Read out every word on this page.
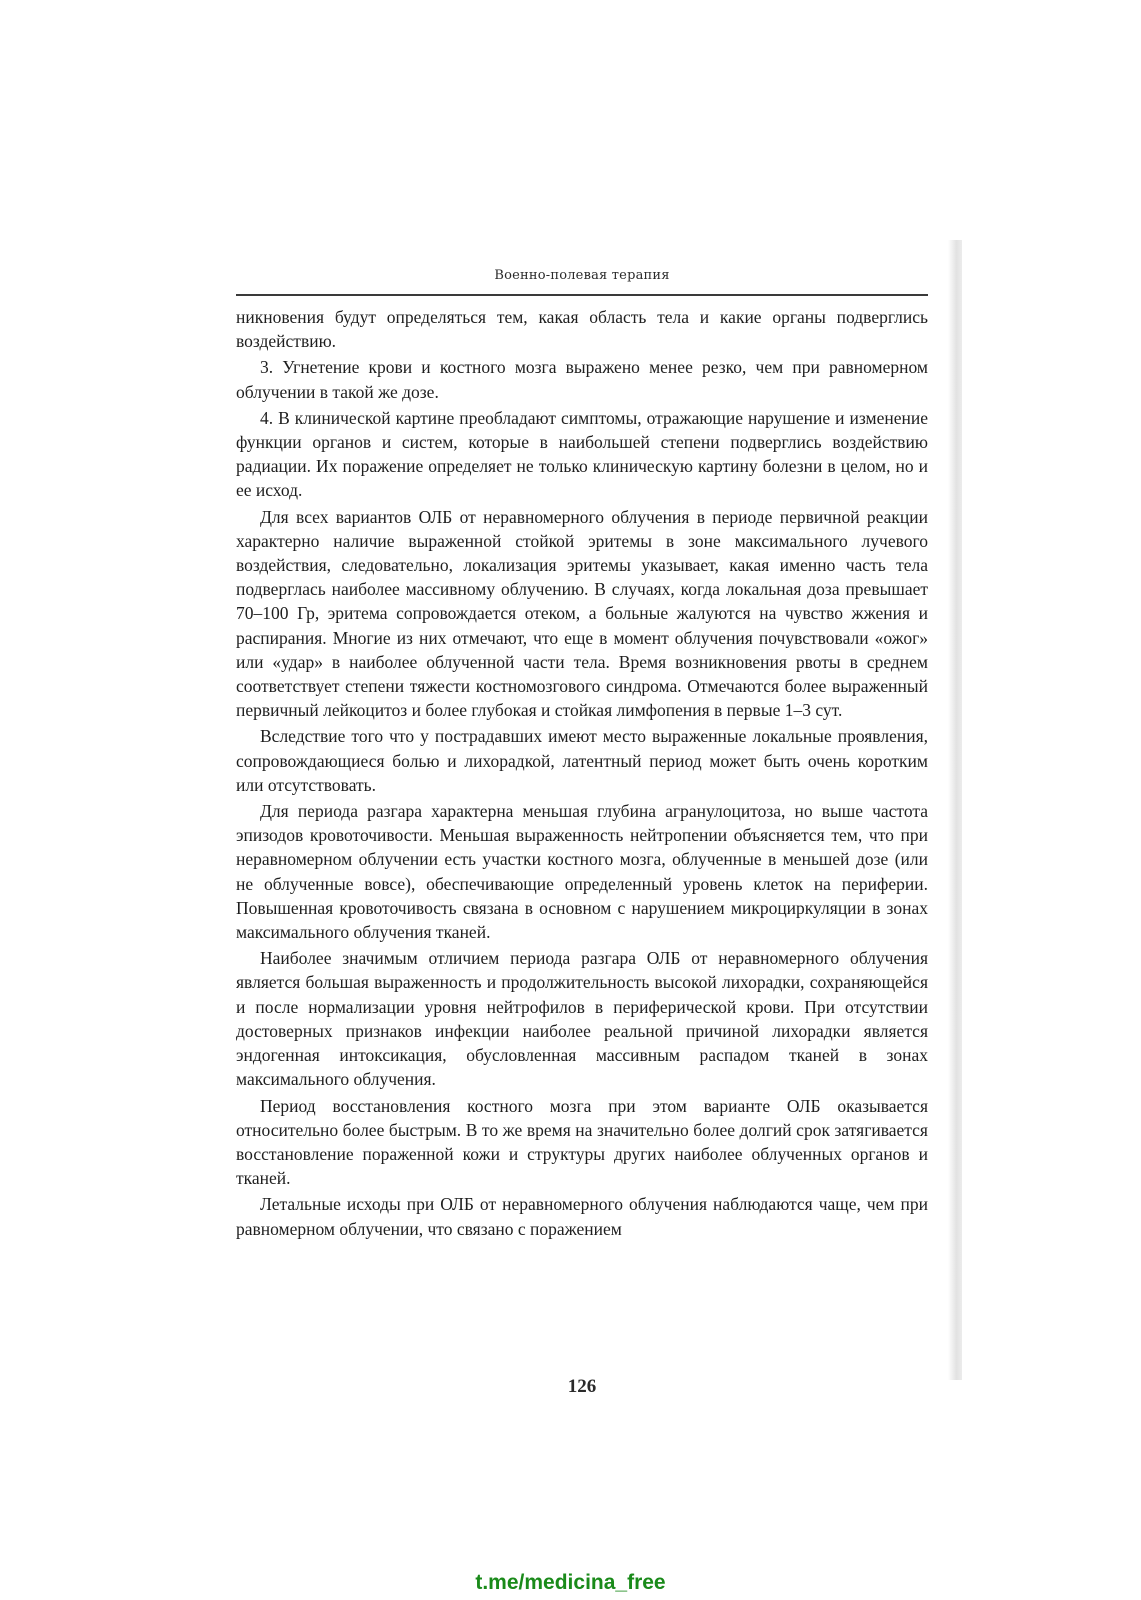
Военно-полевая терапия

никновения будут определяться тем, какая область тела и какие органы подверглись воздействию.

3. Угнетение крови и костного мозга выражено менее резко, чем при равномерном облучении в такой же дозе.

4. В клинической картине преобладают симптомы, отражающие нарушение и изменение функции органов и систем, которые в наибольшей степени подверглись воздействию радиации. Их поражение определяет не только клиническую картину болезни в целом, но и ее исход.

Для всех вариантов ОЛБ от неравномерного облучения в периоде первичной реакции характерно наличие выраженной стойкой эритемы в зоне максимального лучевого воздействия, следовательно, локализация эритемы указывает, какая именно часть тела подверглась наиболее массивному облучению. В случаях, когда локальная доза превышает 70–100 Гр, эритема сопровождается отеком, а больные жалуются на чувство жжения и распирания. Многие из них отмечают, что еще в момент облучения почувствовали «ожог» или «удар» в наиболее облученной части тела. Время возникновения рвоты в среднем соответствует степени тяжести костномозгового синдрома. Отмечаются более выраженный первичный лейкоцитоз и более глубокая и стойкая лимфопения в первые 1–3 сут.

Вследствие того что у пострадавших имеют место выраженные локальные проявления, сопровождающиеся болью и лихорадкой, латентный период может быть очень коротким или отсутствовать.

Для периода разгара характерна меньшая глубина агранулоцитоза, но выше частота эпизодов кровоточивости. Меньшая выраженность нейтропении объясняется тем, что при неравномерном облучении есть участки костного мозга, облученные в меньшей дозе (или не облученные вовсе), обеспечивающие определенный уровень клеток на периферии. Повышенная кровоточивость связана в основном с нарушением микроциркуляции в зонах максимального облучения тканей.

Наиболее значимым отличием периода разгара ОЛБ от неравномерного облучения является большая выраженность и продолжительность высокой лихорадки, сохраняющейся и после нормализации уровня нейтрофилов в периферической крови. При отсутствии достоверных признаков инфекции наиболее реальной причиной лихорадки является эндогенная интоксикация, обусловленная массивным распадом тканей в зонах максимального облучения.

Период восстановления костного мозга при этом варианте ОЛБ оказывается относительно более быстрым. В то же время на значительно более долгий срок затягивается восстановление пораженной кожи и структуры других наиболее облученных органов и тканей.

Летальные исходы при ОЛБ от неравномерного облучения наблюдаются чаще, чем при равномерном облучении, что связано с поражением

126
t.me/medicina_free
